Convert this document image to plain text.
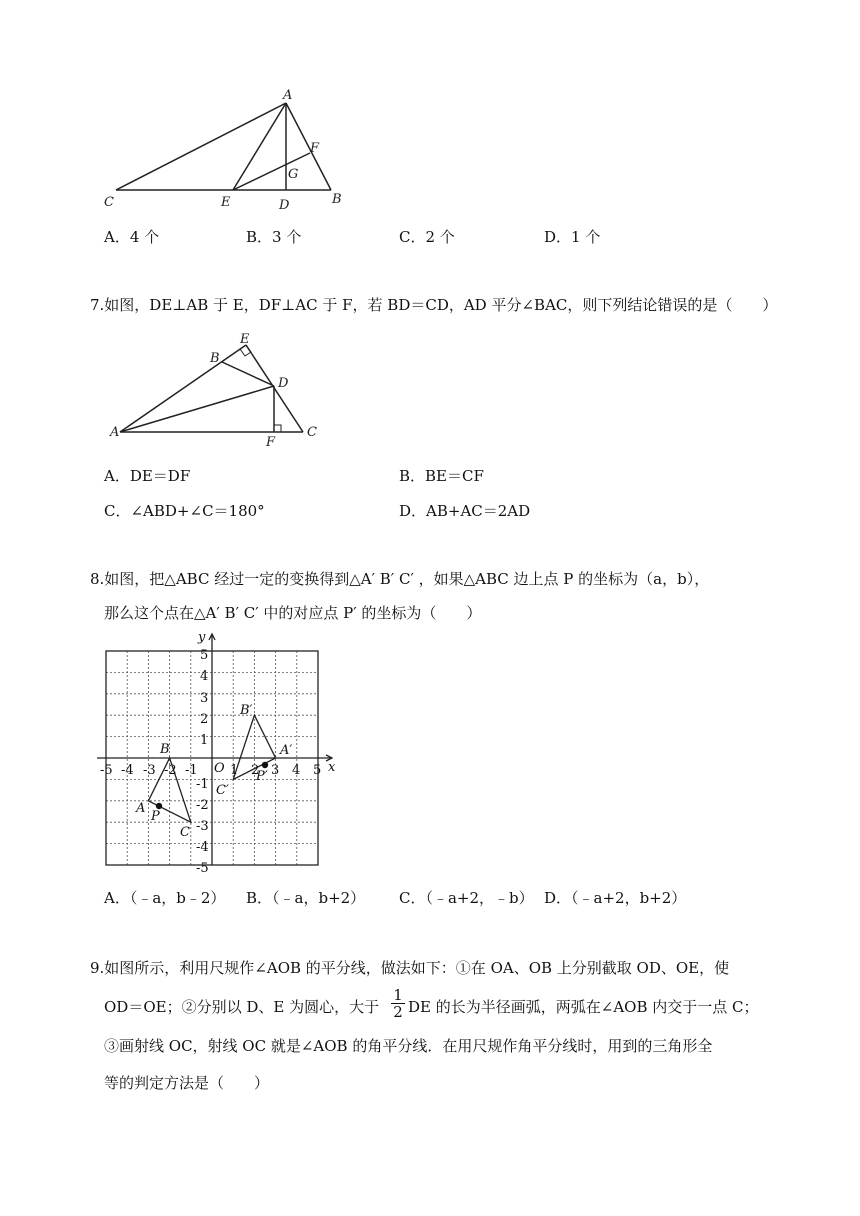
A
F
G
C	E	D	B
A．4 个	B．3 个	C．2 个	D．1 个
7.如图，DE⊥AB 于 E，DF⊥AC 于 F，若 BD＝CD，AD 平分∠BAC，则下列结论错误的是（　　）
E
B
D
A
F
C
A．DE＝DF	B．BE＝CF
C．∠ABD+∠C＝180°	D．AB+AC＝2AD
8.如图，把△ABC 经过一定的变换得到△A′ B′ C′ ，如果△ABC 边上点 P 的坐标为（a，b），
那么这个点在△A′ B′ C′ 中的对应点 P′ 的坐标为（　　）
-5 -4 -3 -2 -1 1 2 3 4 5
5
4
3
2
1
-1
-2
-3
-4
-5
y
x
O
A
B
C
P
A′
B′
C′
P′
A．（﹣a，b﹣2） B．（﹣a，b+2） C．（﹣a+2，﹣b） D．（﹣a+2，b+2）
9.如图所示，利用尺规作∠AOB 的平分线，做法如下：①在 OA、OB 上分别截取 OD、OE，使
OD＝OE；②分别以 D、E 为圆心，大于
1
2 DE 的长为半径画弧，两弧在∠AOB 内交于一点 C；
③画射线 OC，射线 OC 就是∠AOB 的角平分线．在用尺规作角平分线时，用到的三角形全
等的判定方法是（　　）
